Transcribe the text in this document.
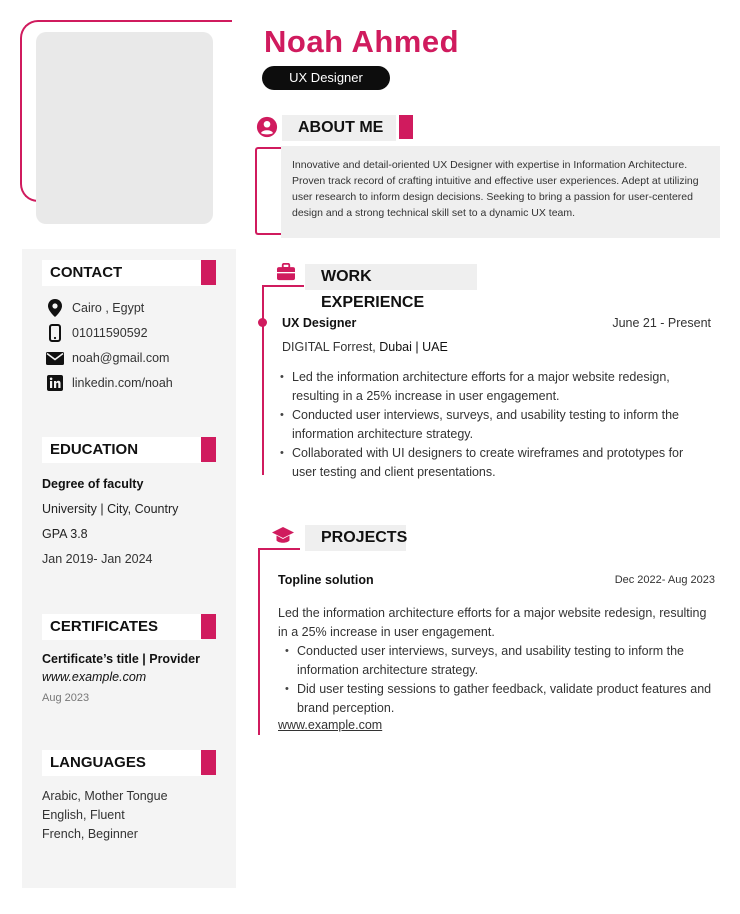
Noah Ahmed
UX Designer
ABOUT ME
Innovative and detail-oriented UX Designer with expertise in Information Architecture. Proven track record of crafting intuitive and effective user experiences. Adept at utilizing user research to inform design decisions. Seeking to bring a passion for user-centered design and a strong technical skill set to a dynamic UX team.
WORK EXPERIENCE
UX Designer	June 21 - Present
DIGITAL Forrest, Dubai | UAE
• Led the information architecture efforts for a major website redesign, resulting in a 25% increase in user engagement.
• Conducted user interviews, surveys, and usability testing to inform the information architecture strategy.
• Collaborated with UI designers to create wireframes and prototypes for user testing and client presentations.
PROJECTS
Topline solution	Dec 2022- Aug 2023
Led the information architecture efforts for a major website redesign, resulting in a 25% increase in user engagement.
• Conducted user interviews, surveys, and usability testing to inform the information architecture strategy.
• Did user testing sessions to gather feedback, validate product features and brand perception.
www.example.com
CONTACT
Cairo , Egypt
01011590592
noah@gmail.com
linkedin.com/noah
EDUCATION
Degree of faculty
University | City, Country
GPA 3.8
Jan 2019- Jan 2024
CERTIFICATES
Certificate’s title | Provider
www.example.com
Aug 2023
LANGUAGES
Arabic, Mother Tongue
English, Fluent
French, Beginner
